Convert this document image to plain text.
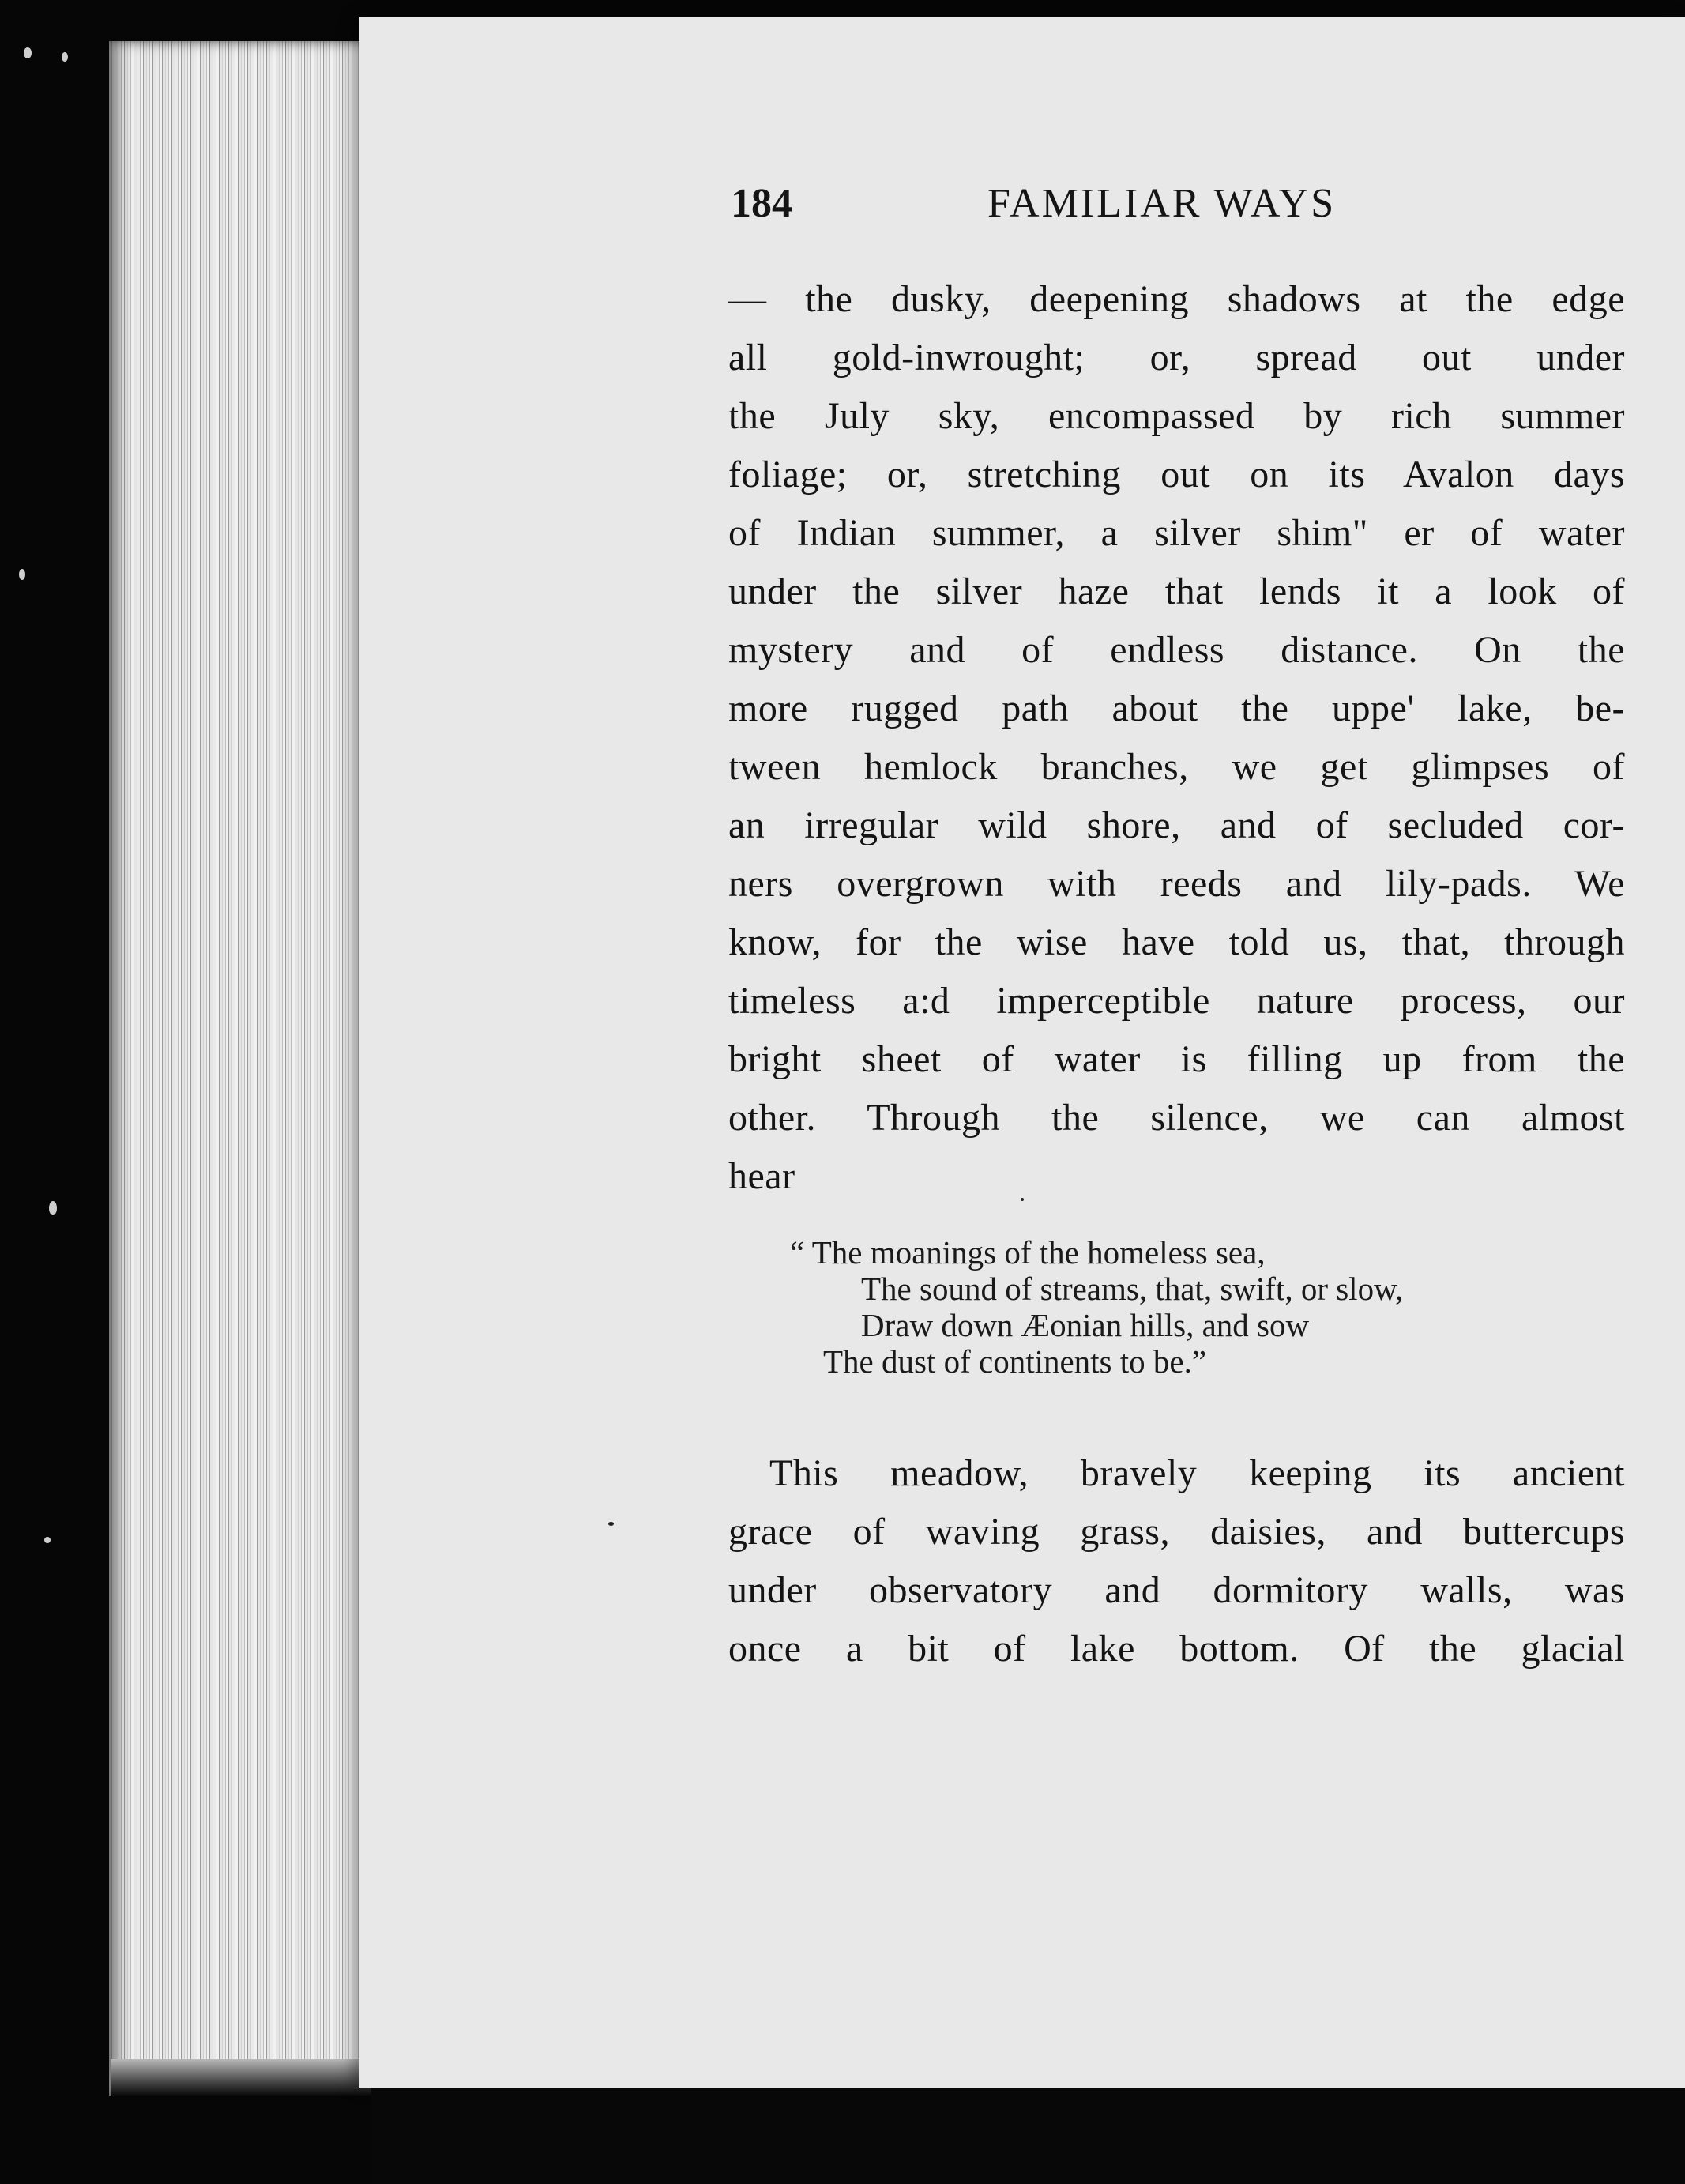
184	FAMILIAR WAYS
— the dusky, deepening shadows at the edge
all gold-inwrought; or, spread out under
the July sky, encompassed by rich summer
foliage; or, stretching out on its Avalon days
of Indian summer, a silver shim" er of water
under the silver haze that lends it a look of
mystery and of endless distance. On the
more rugged path about the uppe' lake, be-
tween hemlock branches, we get glimpses of
an irregular wild shore, and of secluded cor-
ners overgrown with reeds and lily-pads. We
know, for the wise have told us, that, through
timeless a:d imperceptible nature process, our
bright sheet of water is filling up from the
other. Through the silence, we can almost
hear
“ The moanings of the homeless sea,
The sound of streams, that, swift, or slow,
Draw down Æonian hills, and sow
The dust of continents to be.”
This meadow, bravely keeping its ancient
grace of waving grass, daisies, and buttercups
under observatory and dormitory walls, was
once a bit of lake bottom. Of the glacial
